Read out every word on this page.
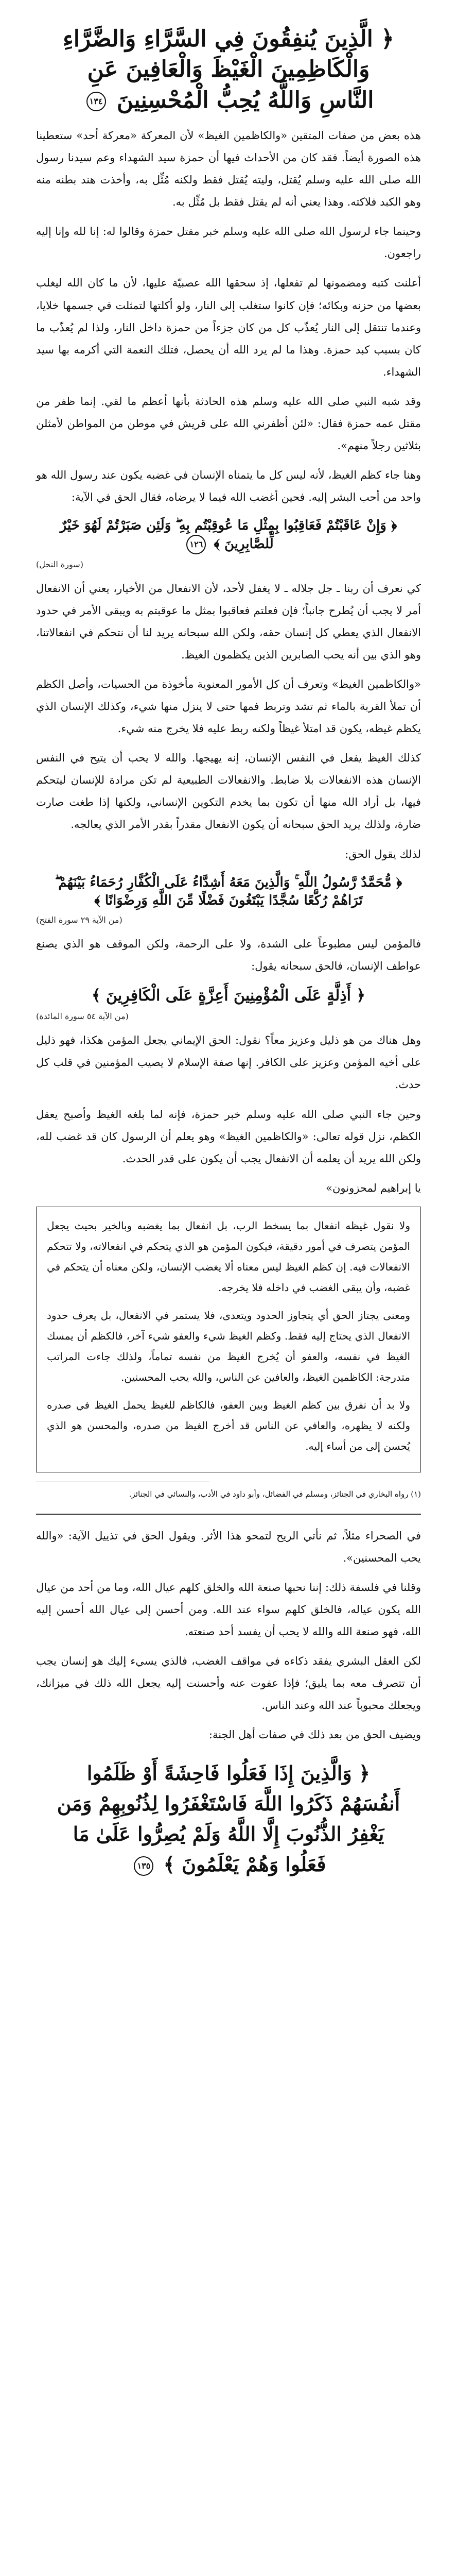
﴿ الَّذِينَ يُنفِقُونَ فِي السَّرَّاءِ وَالضَّرَّاءِ
وَالْكَاظِمِينَ الْغَيْظَ وَالْعَافِينَ عَنِ
النَّاسِ وَاللَّهُ يُحِبُّ الْمُحْسِنِينَ ١٣٤

هذه بعض من صفات المتقين «والكاظمين الغيظ» لأن المعركة «معركة أحد» ستعطينا هذه الصورة أيضاً. فقد كان من الأحداث فيها أن حمزة سيد الشهداء وعم سيدنا رسول الله صلى الله عليه وسلم يُقتل، وليته يُقتل فقط ولكنه مُثِّل به، وأخذت هند بطنه منه وهو الكبد فلاكته. وهذا يعني أنه لم يقتل فقط بل مُثِّل به.

وحينما جاء لرسول الله صلى الله عليه وسلم خبر مقتل حمزة وقالوا له: إنا لله وإنا إليه راجعون.

أعلنت كتبه ومضمونها لم تفعلها، إذ سحقها الله عصبيّة عليها، لأن ما كان الله ليغلب بعضها من حزنه وبكائه؛ فإن كانوا ستغلب إلى النار، ولو أكلتها لتمثلت في جسمها خلايا، وعندما تنتقل إلى النار يُعذّب كل من كان جزءاً من حمزة داخل النار، ولذا لم يُعذّب ما كان بسبب كبد حمزة. وهذا ما لم يرد الله أن يحصل، فتلك النعمة التي أكرمه بها سيد الشهداء.

وقد شبه النبي صلى الله عليه وسلم هذه الحادثة بأنها أعظم ما لقي. إنما ظفر من مقتل عمه حمزة فقال: «لئن أظفرني الله على قريش في موطن من المواطن لأمثلن بثلاثين رجلاً منهم».

وهنا جاء كظم الغيظ، لأنه ليس كل ما يتمناه الإنسان في غضبه يكون عند رسول الله هو واحد من أحب البشر إليه. فحين أغضب الله فيما لا يرضاه، فقال الحق في الآية:

﴿ وَإِنْ عَاقَبْتُمْ فَعَاقِبُوا بِمِثْلِ مَا عُوقِبْتُم بِهِ ۖ وَلَئِن صَبَرْتُمْ لَهُوَ خَيْرٌ لِّلصَّابِرِينَ ﴾ ١٢٦
(سورة النحل)

كي نعرف أن ربنا ـ جل جلاله ـ لا يغفل لأحد، لأن الانفعال من الأخيار، يعني أن الانفعال أمر لا يجب أن يُطرح جانباً؛ فإن فعلتم فعاقبوا بمثل ما عوقبتم به ويبقى الأمر في حدود الانفعال الذي يعطي كل إنسان حقه، ولكن الله سبحانه يريد لنا أن نتحكم في انفعالاتنا، وهو الذي بين أنه يحب الصابرين الذين يكظمون الغيظ.

«والكاظمين الغيظ» وتعرف أن كل الأمور المعنوية مأخوذة من الحسيات، وأصل الكظم أن تملأ القربة بالماء ثم تشد وتربط فمها حتى لا ينزل منها شيء، وكذلك الإنسان الذي يكظم غيظه، يكون قد امتلأ غيظاً ولكنه ربط عليه فلا يخرج منه شيء.

كذلك الغيظ يفعل في النفس الإنسان، إنه يهيجها. والله لا يحب أن يتيح في النفس الإنسان هذه الانفعالات بلا ضابط. والانفعالات الطبيعية لم تكن مرادة للإنسان ليتحكم فيها، بل أراد الله منها أن تكون بما يخدم التكوين الإنساني، ولكنها إذا طغت صارت ضارة، ولذلك يريد الحق سبحانه أن يكون الانفعال مقدراً بقدر الأمر الذي يعالجه.

لذلك يقول الحق:

﴿ مُّحَمَّدٌ رَّسُولُ اللَّهِ ۚ وَالَّذِينَ مَعَهُ أَشِدَّاءُ عَلَى الْكُفَّارِ رُحَمَاءُ بَيْنَهُمْ ۖ تَرَاهُمْ رُكَّعًا سُجَّدًا يَبْتَغُونَ فَضْلًا مِّنَ اللَّهِ وَرِضْوَانًا ﴾
(من الآية ٢٩ سورة الفتح)

فالمؤمن ليس مطبوعاً على الشدة، ولا على الرحمة، ولكن الموقف هو الذي يصنع عواطف الإنسان، فالحق سبحانه يقول:

﴿ أَذِلَّةٍ عَلَى الْمُؤْمِنِينَ أَعِزَّةٍ عَلَى الْكَافِرِينَ ﴾
(من الآية ٥٤ سورة المائدة)

وهل هناك من هو ذليل وعزيز معاً؟ نقول: الحق الإيماني يجعل المؤمن هكذا، فهو ذليل على أخيه المؤمن وعزيز على الكافر. إنها صفة الإسلام لا يصيب المؤمنين في قلب كل حدث.

وحين جاء النبي صلى الله عليه وسلم خبر حمزة، فإنه لما بلغه الغيظ وأصبح يعقل الكظم، نزل قوله تعالى: «والكاظمين الغيظ» وهو يعلم أن الرسول كان قد غضب لله، ولكن الله يريد أن يعلمه أن الانفعال يجب أن يكون على قدر الحدث.

يا إبراهيم لمحزونون»

ولا نقول غيظه انفعال بما يسخط الرب، بل انفعال بما يغضبه وبالخير بحيث يجعل المؤمن يتصرف في أمور دقيقة، فيكون المؤمن هو الذي يتحكم في انفعالاته، ولا تتحكم الانفعالات فيه. إن كظم الغيظ ليس معناه ألا يغضب الإنسان، ولكن معناه أن يتحكم في غضبه، وأن يبقى الغضب في داخله فلا يخرجه.

ومعنى يجتاز الحق أي يتجاوز الحدود ويتعدى، فلا يستمر في الانفعال، بل يعرف حدود الانفعال الذي يحتاج إليه فقط. وكظم الغيظ شيء والعفو شيء آخر، فالكظم أن يمسك الغيظ في نفسه، والعفو أن يُخرج الغيظ من نفسه تماماً، ولذلك جاءت المراتب متدرجة: الكاظمين الغيظ، والعافين عن الناس، والله يحب المحسنين.

ولا بد أن نفرق بين كظم الغيظ وبين العفو، فالكاظم للغيظ يحمل الغيظ في صدره ولكنه لا يظهره، والعافي عن الناس قد أخرج الغيظ من صدره، والمحسن هو الذي يُحسن إلى من أساء إليه.

(١) رواه البخاري في الجنائز، ومسلم في الفضائل، وأبو داود في الأدب، والنسائي في الجنائز.

في الصحراء مثلاً، ثم نأتي الريح لتمحو هذا الأثر. ويقول الحق في تذييل الآية: «والله يحب المحسنين».

وقلنا في فلسفة ذلك: إننا نحبها صنعة الله والخلق كلهم عيال الله، وما من أحد من عيال الله يكون عياله، فالخلق كلهم سواء عند الله. ومن أحسن إلى عيال الله أحسن إليه الله، فهو صنعة الله والله لا يحب أن يفسد أحد صنعته.

لكن العقل البشري يفقد ذكاءه في مواقف الغضب، فالذي يسيء إليك هو إنسان يجب أن تتصرف معه بما يليق؛ فإذا عفوت عنه وأحسنت إليه يجعل الله ذلك في ميزانك، ويجعلك محبوباً عند الله وعند الناس.

ويضيف الحق من بعد ذلك في صفات أهل الجنة:

﴿ وَالَّذِينَ إِذَا فَعَلُوا فَاحِشَةً أَوْ ظَلَمُوا
أَنفُسَهُمْ ذَكَرُوا اللَّهَ فَاسْتَغْفَرُوا لِذُنُوبِهِمْ وَمَن
يَغْفِرُ الذُّنُوبَ إِلَّا اللَّهُ وَلَمْ يُصِرُّوا عَلَىٰ مَا
فَعَلُوا وَهُمْ يَعْلَمُونَ ﴾ ١٣٥
